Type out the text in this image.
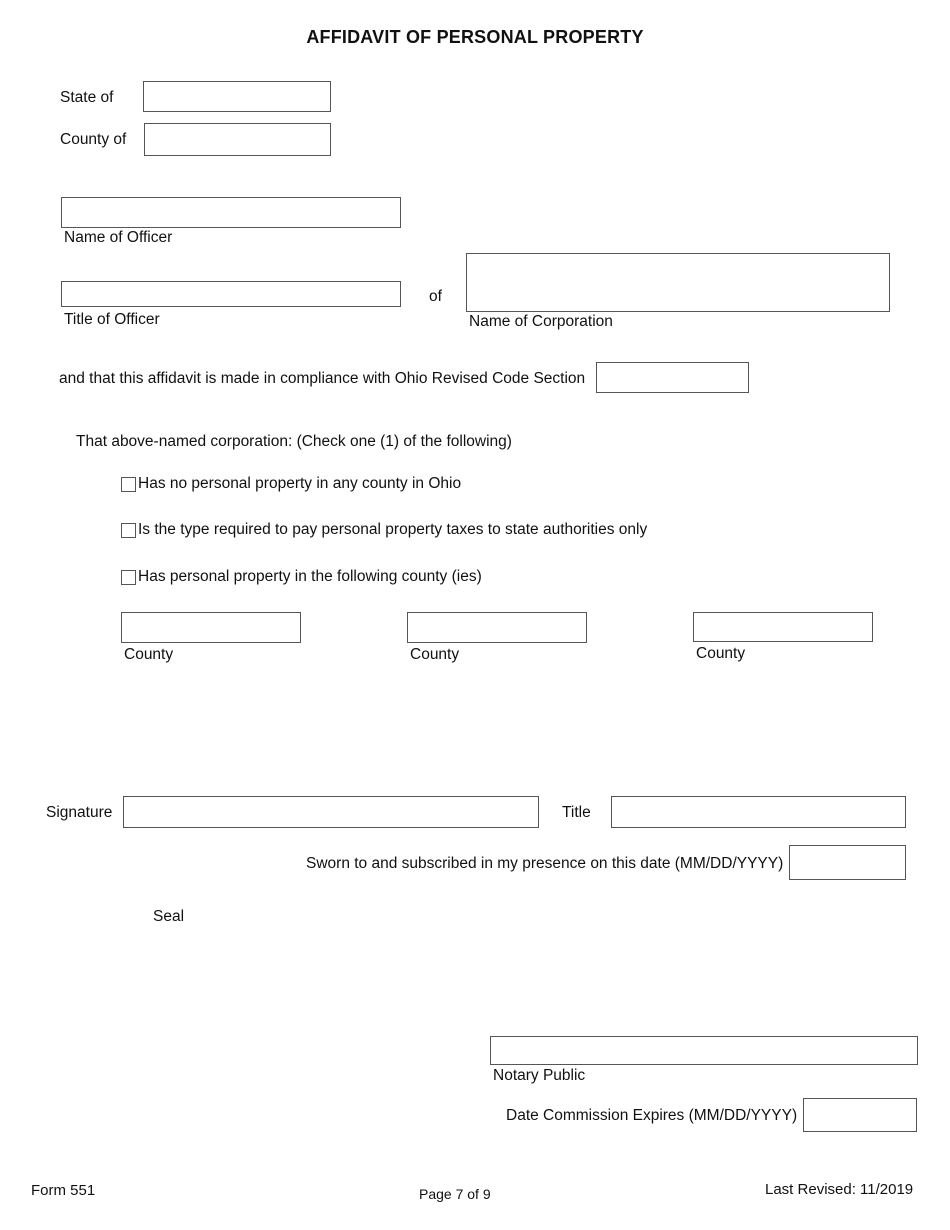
AFFIDAVIT OF PERSONAL PROPERTY
State of
County of
Name of Officer
Title of Officer
of
Name of Corporation
and that this affidavit is made in compliance with Ohio Revised Code Section
That above-named corporation: (Check one (1) of the following)
Has no personal property in any county in Ohio
Is the type required to pay personal property taxes to state authorities only
Has personal property in the following county (ies)
County	County	County
Signature	Title
Sworn to and subscribed in my presence on this date (MM/DD/YYYY)
Seal
Notary Public
Date Commission Expires (MM/DD/YYYY)
Form 551	Page 7 of 9	Last Revised: 11/2019
